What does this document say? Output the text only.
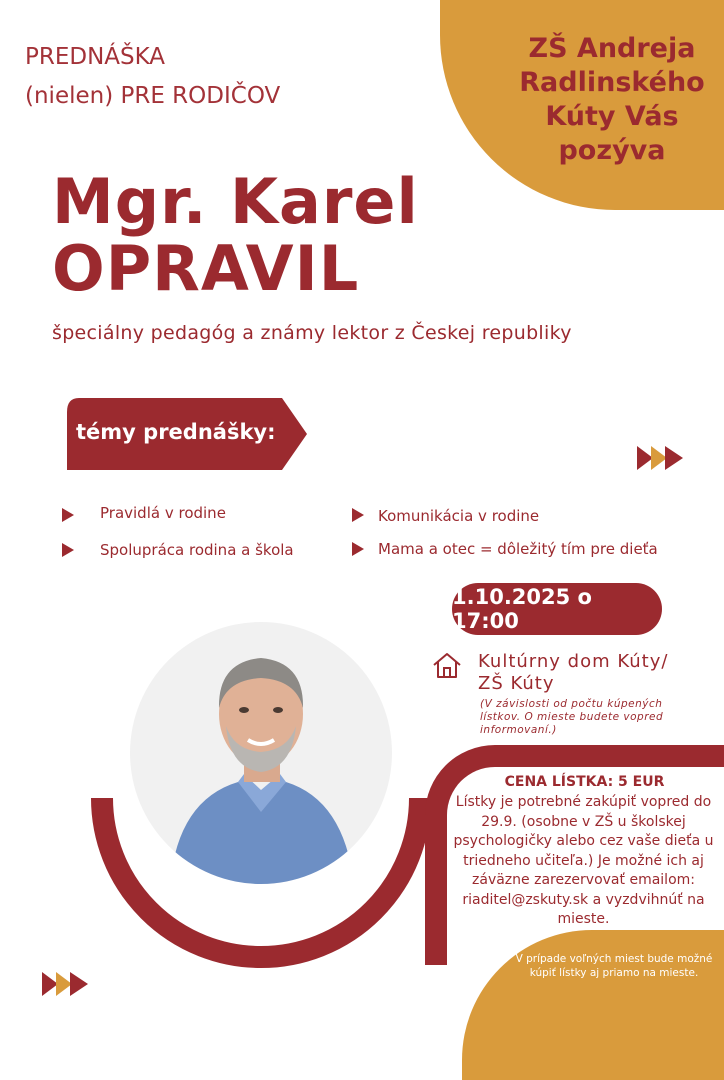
ZŠ Andreja
Radlinského
Kúty Vás
pozýva
PREDNÁŠKA
(nielen) PRE RODIČOV
Mgr. Karel
OPRAVIL
špeciálny pedagóg a známy lektor z Českej republiky
témy prednášky:
Pravidlá v rodine
Spolupráca rodina a škola
Komunikácia v rodine
Mama a otec = dôležitý tím pre dieťa
1.10.2025 o 17:00
Kultúrny dom Kúty/
ZŠ Kúty
(V závislosti od počtu kúpených lístkov. O mieste budete vopred informovaní.)
CENA LÍSTKA: 5 EUR
Lístky je potrebné zakúpiť vopred do 29.9. (osobne v ZŠ u školskej psychologičky alebo cez vaše dieťa u triedneho učiteľa.) Je možné ich aj záväzne zarezervovať emailom: riaditel@zskuty.sk a vyzdvihnúť na mieste.
V prípade voľných miest bude možné kúpiť lístky aj priamo na mieste.
